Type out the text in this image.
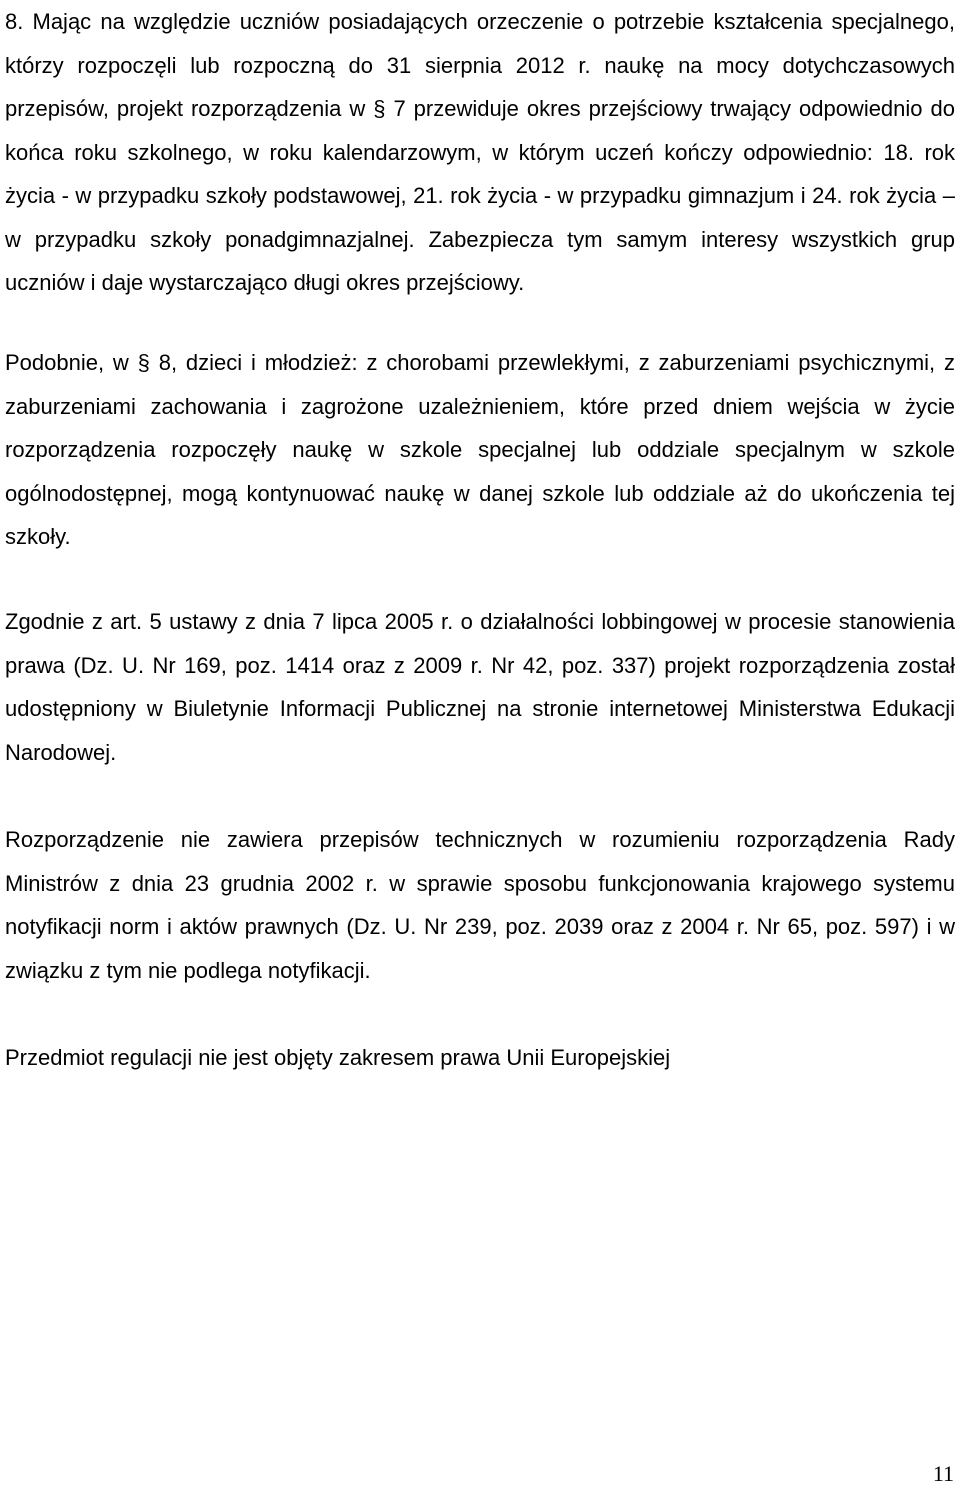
8. Mając na względzie uczniów posiadających orzeczenie o potrzebie kształcenia specjalnego, którzy rozpoczęli lub rozpoczną do 31 sierpnia 2012 r. naukę na mocy dotychczasowych przepisów, projekt rozporządzenia w § 7 przewiduje okres przejściowy trwający odpowiednio do końca roku szkolnego, w roku kalendarzowym, w którym uczeń kończy odpowiednio: 18. rok życia - w przypadku szkoły podstawowej, 21. rok życia - w przypadku gimnazjum i 24. rok życia – w przypadku szkoły ponadgimnazjalnej. Zabezpiecza tym samym interesy wszystkich grup uczniów i daje wystarczająco długi okres przejściowy.

Podobnie, w § 8, dzieci i młodzież: z chorobami przewlekłymi, z zaburzeniami psychicznymi, z zaburzeniami zachowania i zagrożone uzależnieniem, które przed dniem wejścia w życie rozporządzenia rozpoczęły naukę w szkole specjalnej lub oddziale specjalnym w szkole ogólnodostępnej, mogą kontynuować naukę w danej szkole lub oddziale aż do ukończenia tej szkoły.

Zgodnie z art. 5 ustawy z dnia 7 lipca 2005 r. o działalności lobbingowej w procesie stanowienia prawa (Dz. U. Nr 169, poz. 1414 oraz z 2009 r. Nr 42, poz. 337) projekt rozporządzenia został udostępniony w Biuletynie Informacji Publicznej na stronie internetowej Ministerstwa Edukacji Narodowej.

Rozporządzenie nie zawiera przepisów technicznych w rozumieniu rozporządzenia Rady Ministrów z dnia 23 grudnia 2002 r. w sprawie sposobu funkcjonowania krajowego systemu notyfikacji norm i aktów prawnych (Dz. U. Nr 239, poz. 2039 oraz z 2004 r. Nr 65, poz. 597) i w związku z tym nie podlega notyfikacji.

Przedmiot regulacji nie jest objęty zakresem prawa Unii Europejskiej

11
